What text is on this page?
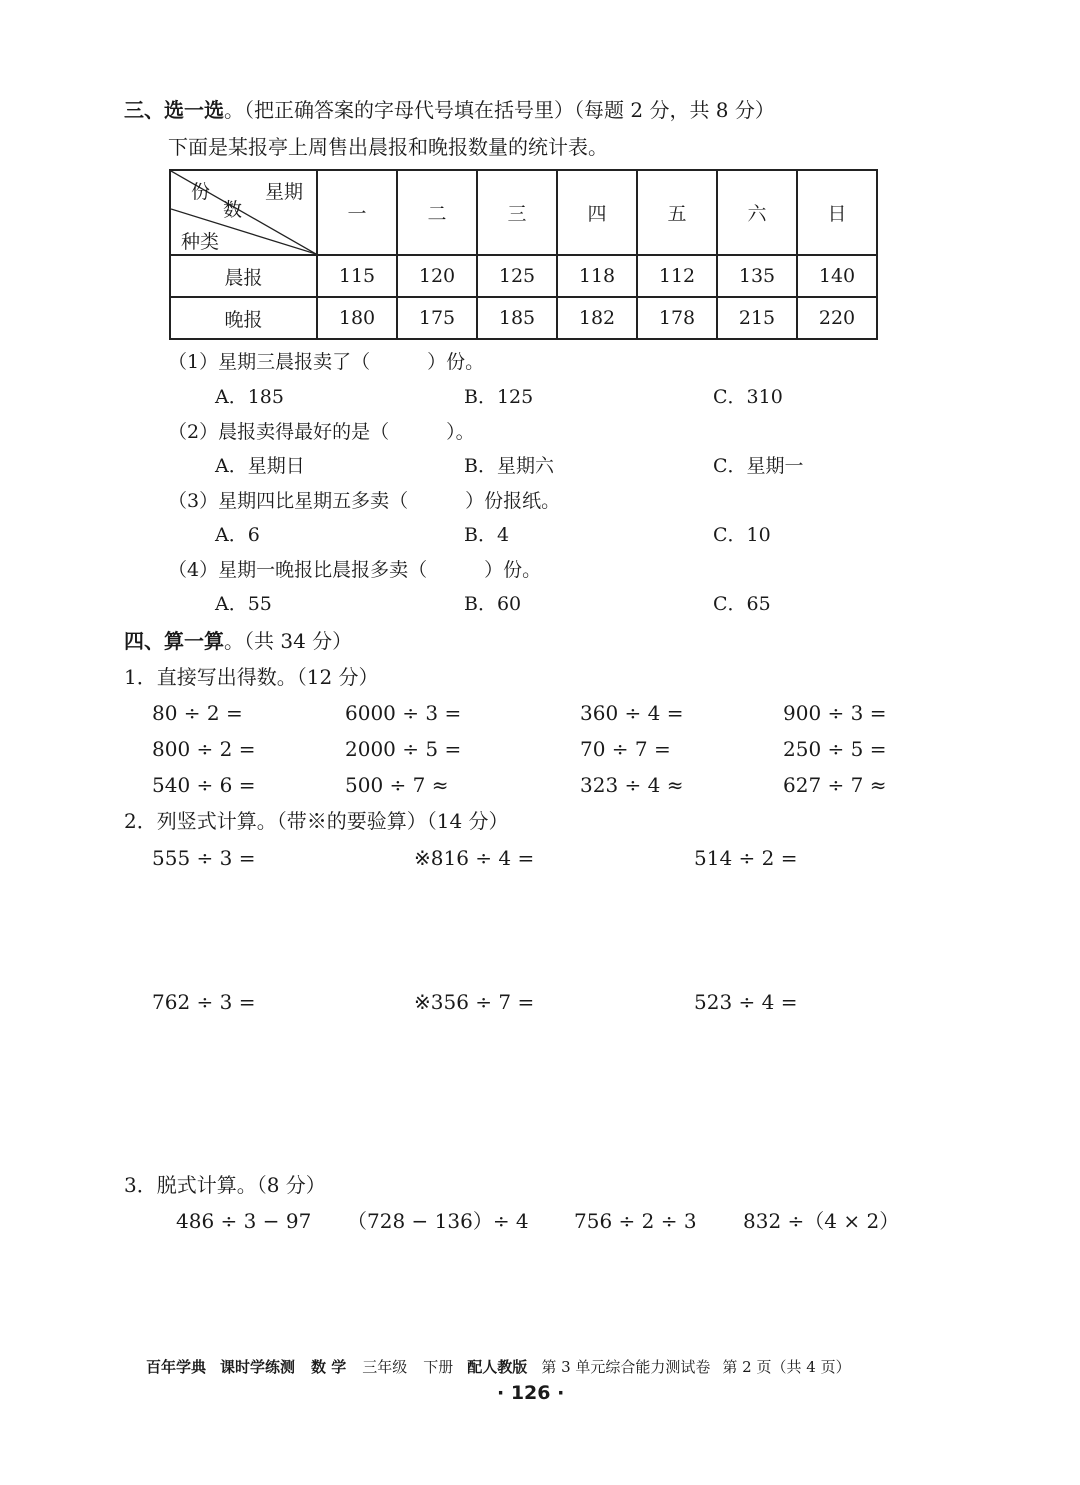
三、选一选。（把正确答案的字母代号填在括号里）（每题 2 分，共 8 分）
下面是某报亭上周售出晨报和晚报数量的统计表。
份
数
星期
种类	一	二	三	四	五	六	日
晨报	115	120	125	118	112	135	140
晚报	180	175	185	182	178	215	220
（1）星期三晨报卖了（　　　）份。
A．185	B．125	C．310
（2）晨报卖得最好的是（　　　）。
A．星期日	B．星期六	C．星期一
（3）星期四比星期五多卖（　　　）份报纸。
A．6	B．4	C．10
（4）星期一晚报比晨报多卖（　　　）份。
A．55	B．60	C．65
四、算一算。（共 34 分）
1．直接写出得数。（12 分）
80 ÷ 2 =	6000 ÷ 3 =	360 ÷ 4 =	900 ÷ 3 =
800 ÷ 2 =	2000 ÷ 5 =	70 ÷ 7 =	250 ÷ 5 =
540 ÷ 6 =	500 ÷ 7 ≈	323 ÷ 4 ≈	627 ÷ 7 ≈
2．列竖式计算。（带※的要验算）（14 分）
555 ÷ 3 =	※816 ÷ 4 =	514 ÷ 2 =
762 ÷ 3 =	※356 ÷ 7 =	523 ÷ 4 =
3．脱式计算。（8 分）
486 ÷ 3 − 97 （728 − 136）÷ 4 756 ÷ 2 ÷ 3 832 ÷（4 × 2）
百年学典 课时学练测 数 学 三年级 下册 配人教版 第 3 单元综合能力测试卷 第 2 页（共 4 页）
· 126 ·
